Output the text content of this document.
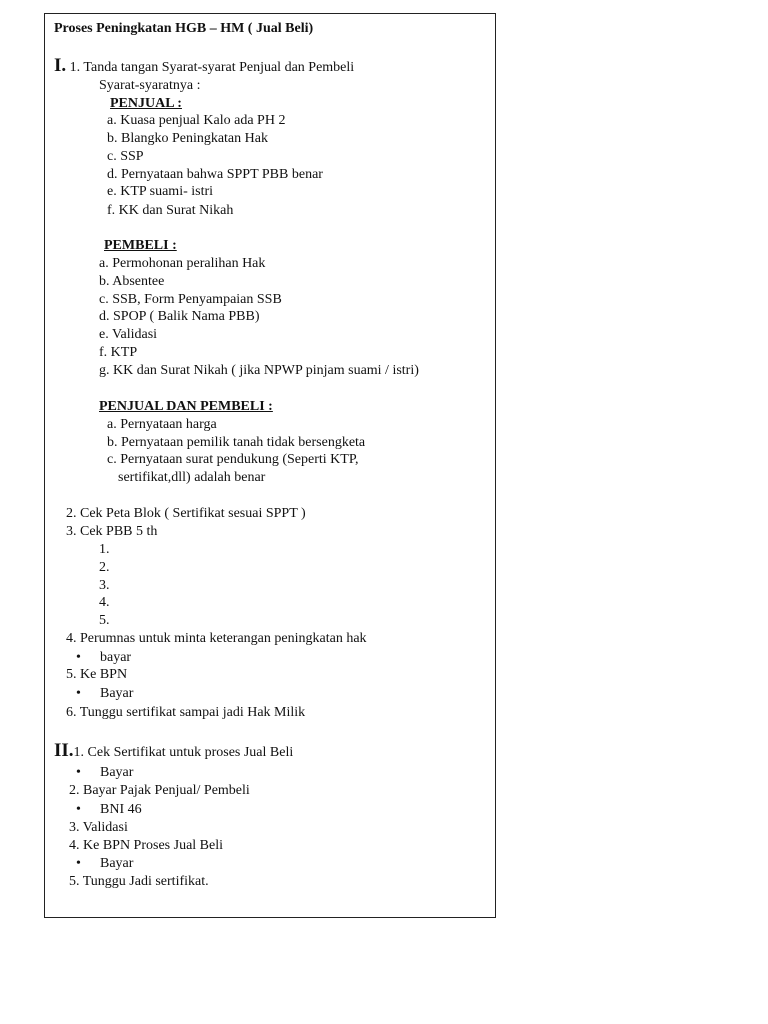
Proses Peningkatan HGB – HM ( Jual Beli)
I. 1. Tanda tangan Syarat-syarat Penjual dan Pembeli
Syarat-syaratnya :
PENJUAL :
a. Kuasa penjual Kalo ada PH 2
b. Blangko Peningkatan Hak
c. SSP
d. Pernyataan bahwa SPPT PBB benar
e. KTP suami- istri
f. KK dan Surat Nikah
PEMBELI :
a. Permohonan peralihan Hak
b. Absentee
c. SSB, Form Penyampaian SSB
d. SPOP ( Balik Nama PBB)
e. Validasi
f. KTP
g. KK dan Surat Nikah ( jika NPWP pinjam suami / istri)
PENJUAL DAN PEMBELI :
a. Pernyataan harga
b. Pernyataan pemilik tanah tidak bersengketa
c. Pernyataan surat pendukung (Seperti KTP,
sertifikat,dll) adalah benar
2. Cek Peta Blok ( Sertifikat sesuai SPPT )
3. Cek PBB 5 th
1.
2.
3.
4.
5.
4. Perumnas untuk minta keterangan peningkatan hak
• bayar
5. Ke BPN
• Bayar
6. Tunggu sertifikat sampai jadi Hak Milik
II.1. Cek Sertifikat untuk proses Jual Beli
• Bayar
2. Bayar Pajak Penjual/ Pembeli
• BNI 46
3. Validasi
4. Ke BPN Proses Jual Beli
• Bayar
5. Tunggu Jadi sertifikat.
